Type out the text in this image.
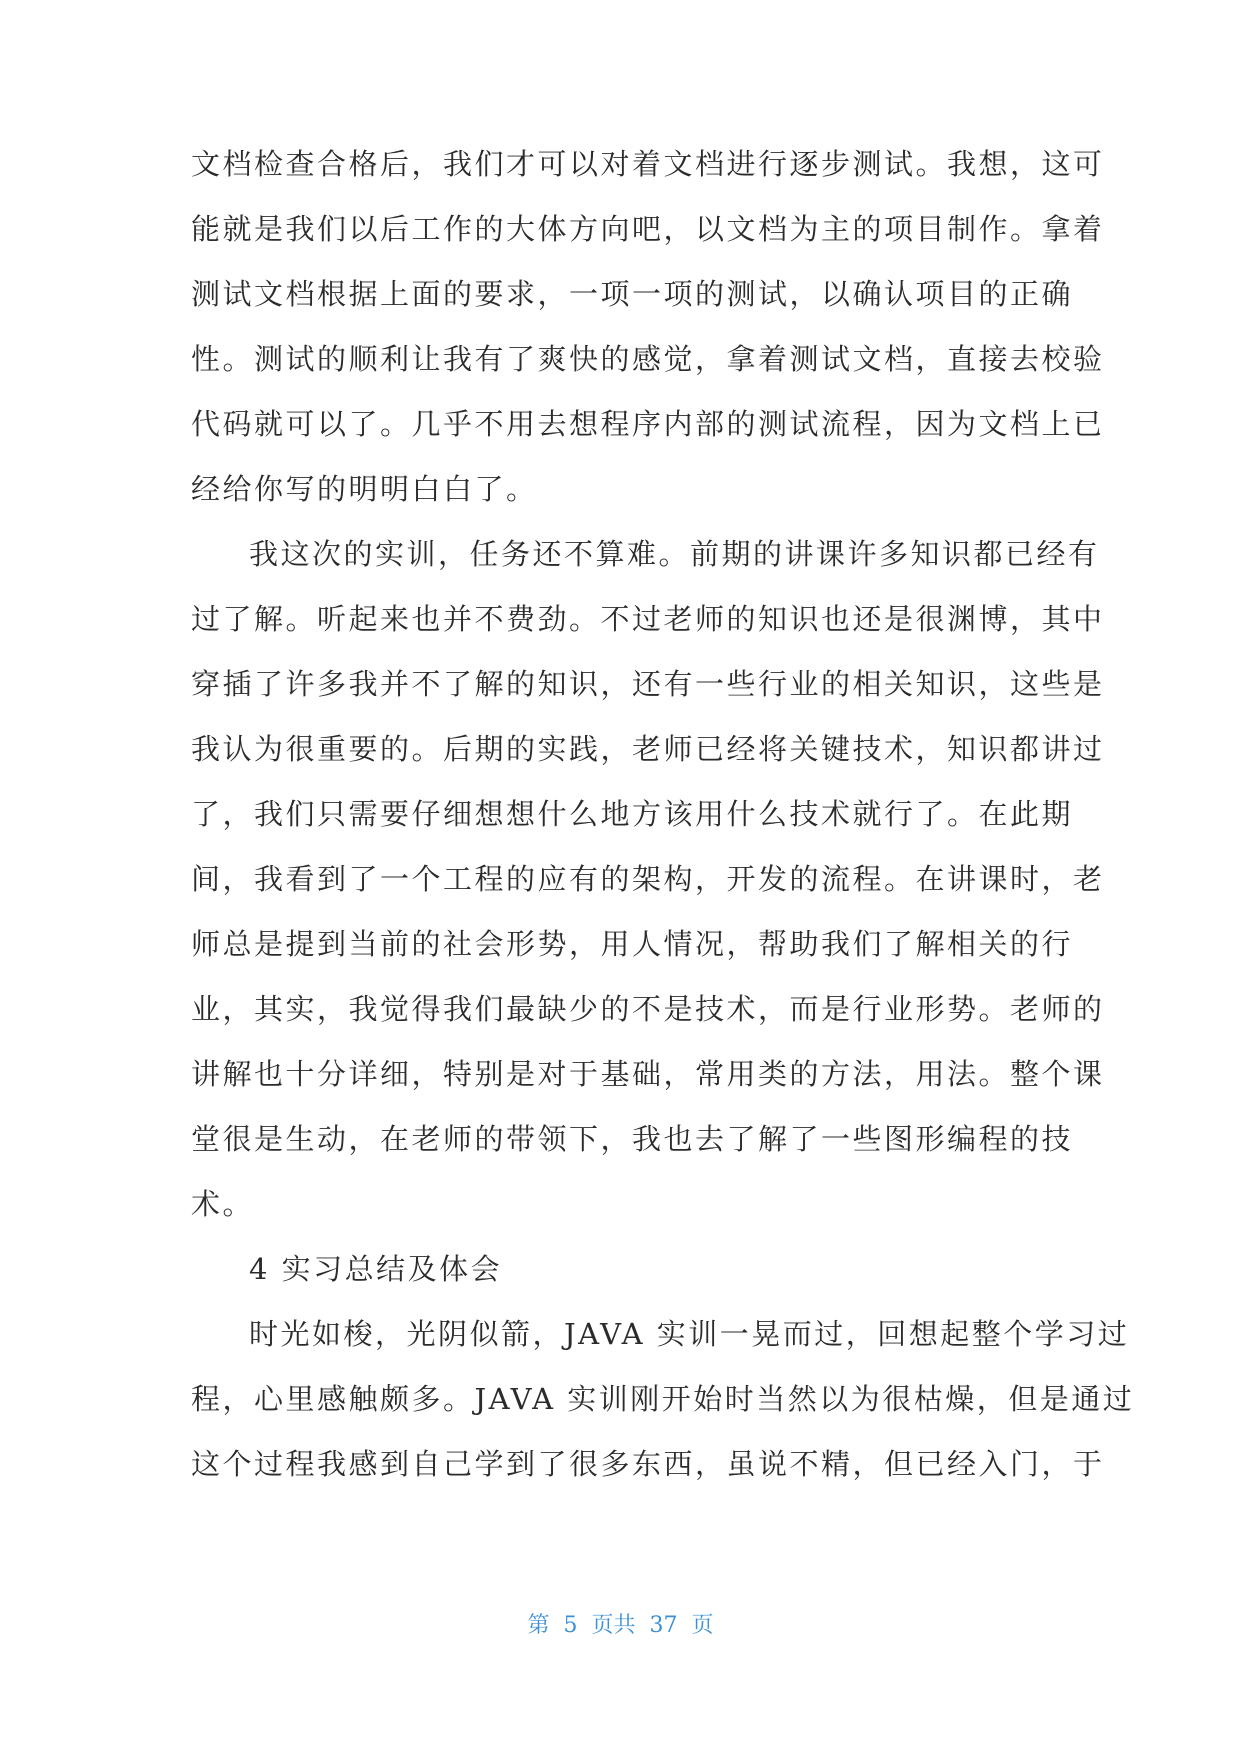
文档检查合格后，我们才可以对着文档进行逐步测试。我想，这可
能就是我们以后工作的大体方向吧，以文档为主的项目制作。拿着
测试文档根据上面的要求，一项一项的测试，以确认项目的正确
性。测试的顺利让我有了爽快的感觉，拿着测试文档，直接去校验
代码就可以了。几乎不用去想程序内部的测试流程，因为文档上已
经给你写的明明白白了。
我这次的实训，任务还不算难。前期的讲课许多知识都已经有
过了解。听起来也并不费劲。不过老师的知识也还是很渊博，其中
穿插了许多我并不了解的知识，还有一些行业的相关知识，这些是
我认为很重要的。后期的实践，老师已经将关键技术，知识都讲过
了，我们只需要仔细想想什么地方该用什么技术就行了。在此期
间，我看到了一个工程的应有的架构，开发的流程。在讲课时，老
师总是提到当前的社会形势，用人情况，帮助我们了解相关的行
业，其实，我觉得我们最缺少的不是技术，而是行业形势。老师的
讲解也十分详细，特别是对于基础，常用类的方法，用法。整个课
堂很是生动，在老师的带领下，我也去了解了一些图形编程的技
术。
4 实习总结及体会
时光如梭，光阴似箭，JAVA 实训一晃而过，回想起整个学习过
程，心里感触颇多。JAVA 实训刚开始时当然以为很枯燥，但是通过
这个过程我感到自己学到了很多东西，虽说不精，但已经入门，于
第  5  页共  37  页
